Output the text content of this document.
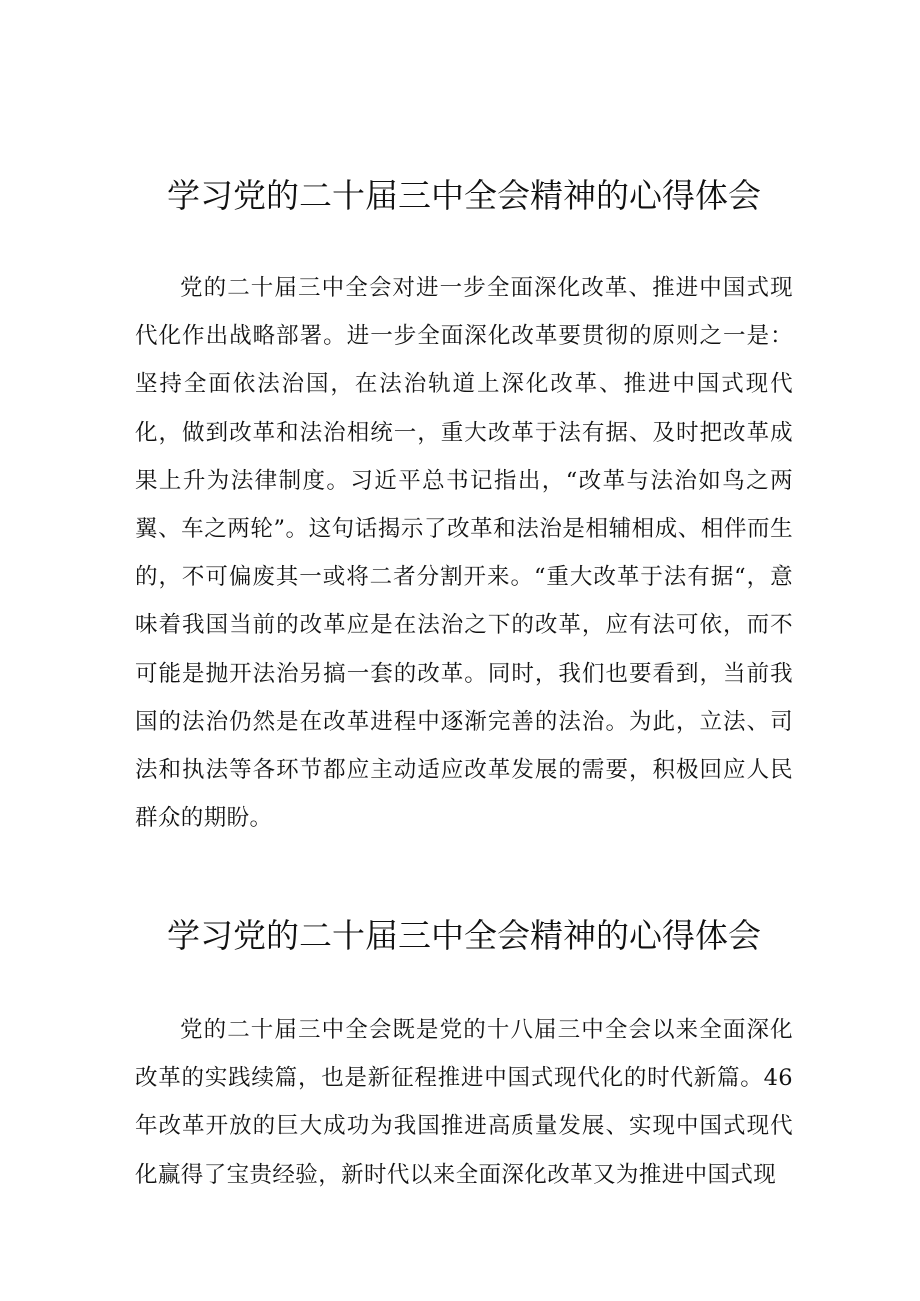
学习党的二十届三中全会精神的心得体会

党的二十届三中全会对进一步全面深化改革、推进中国式现代化作出战略部署。进一步全面深化改革要贯彻的原则之一是：坚持全面依法治国，在法治轨道上深化改革、推进中国式现代化，做到改革和法治相统一，重大改革于法有据、及时把改革成果上升为法律制度。习近平总书记指出，“改革与法治如鸟之两翼、车之两轮”。这句话揭示了改革和法治是相辅相成、相伴而生的，不可偏废其一或将二者分割开来。“重大改革于法有据“，意味着我国当前的改革应是在法治之下的改革，应有法可依，而不可能是抛开法治另搞一套的改革。同时，我们也要看到，当前我国的法治仍然是在改革进程中逐渐完善的法治。为此，立法、司法和执法等各环节都应主动适应改革发展的需要，积极回应人民群众的期盼。

学习党的二十届三中全会精神的心得体会

党的二十届三中全会既是党的十八届三中全会以来全面深化改革的实践续篇，也是新征程推进中国式现代化的时代新篇。46年改革开放的巨大成功为我国推进高质量发展、实现中国式现代化赢得了宝贵经验，新时代以来全面深化改革又为推进中国式现
